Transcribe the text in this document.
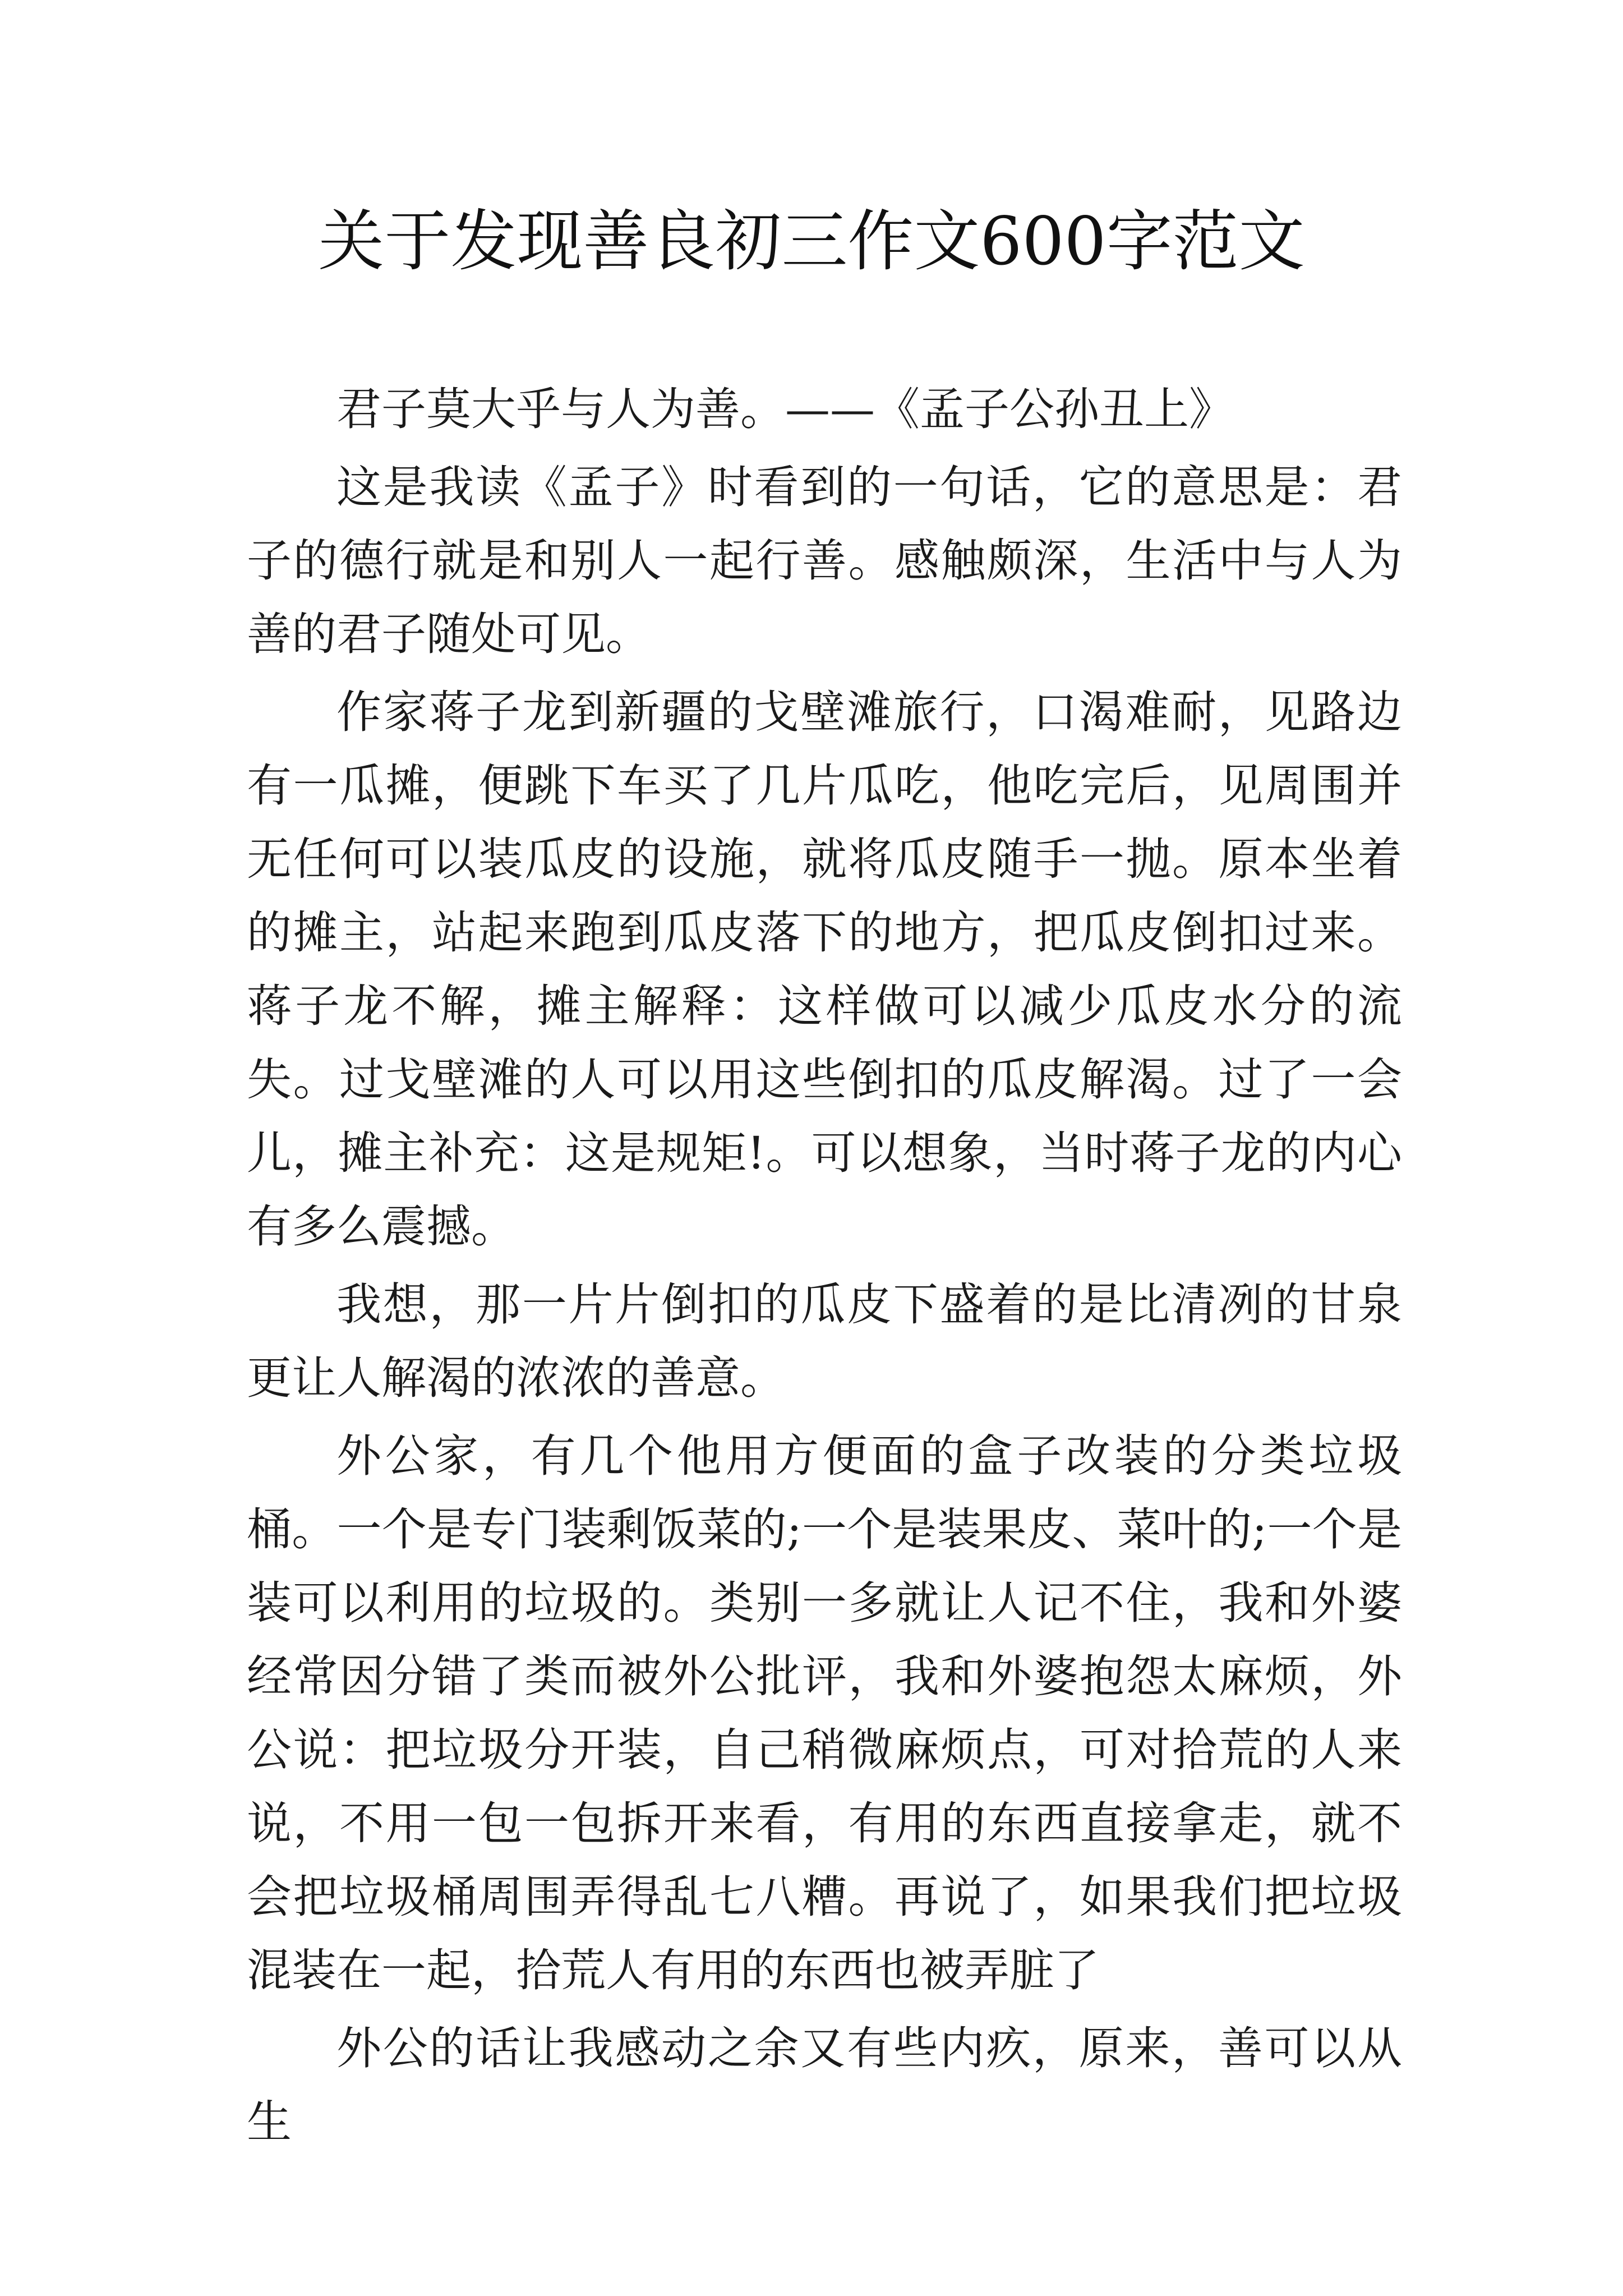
关于发现善良初三作文600字范文

君子莫大乎与人为善。——《孟子公孙丑上》

这是我读《孟子》时看到的一句话，它的意思是：君子的德行就是和别人一起行善。感触颇深，生活中与人为善的君子随处可见。

作家蒋子龙到新疆的戈壁滩旅行，口渴难耐，见路边有一瓜摊，便跳下车买了几片瓜吃，他吃完后，见周围并无任何可以装瓜皮的设施，就将瓜皮随手一抛。原本坐着的摊主，站起来跑到瓜皮落下的地方，把瓜皮倒扣过来。蒋子龙不解，摊主解释：这样做可以减少瓜皮水分的流失。过戈壁滩的人可以用这些倒扣的瓜皮解渴。过了一会儿，摊主补充：这是规矩!。可以想象，当时蒋子龙的内心有多么震撼。

我想，那一片片倒扣的瓜皮下盛着的是比清冽的甘泉更让人解渴的浓浓的善意。

外公家，有几个他用方便面的盒子改装的分类垃圾桶。一个是专门装剩饭菜的;一个是装果皮、菜叶的;一个是装可以利用的垃圾的。类别一多就让人记不住，我和外婆经常因分错了类而被外公批评，我和外婆抱怨太麻烦，外公说：把垃圾分开装，自己稍微麻烦点，可对拾荒的人来说，不用一包一包拆开来看，有用的东西直接拿走，就不会把垃圾桶周围弄得乱七八糟。再说了，如果我们把垃圾混装在一起，拾荒人有用的东西也被弄脏了

外公的话让我感动之余又有些内疚，原来，善可以从生
